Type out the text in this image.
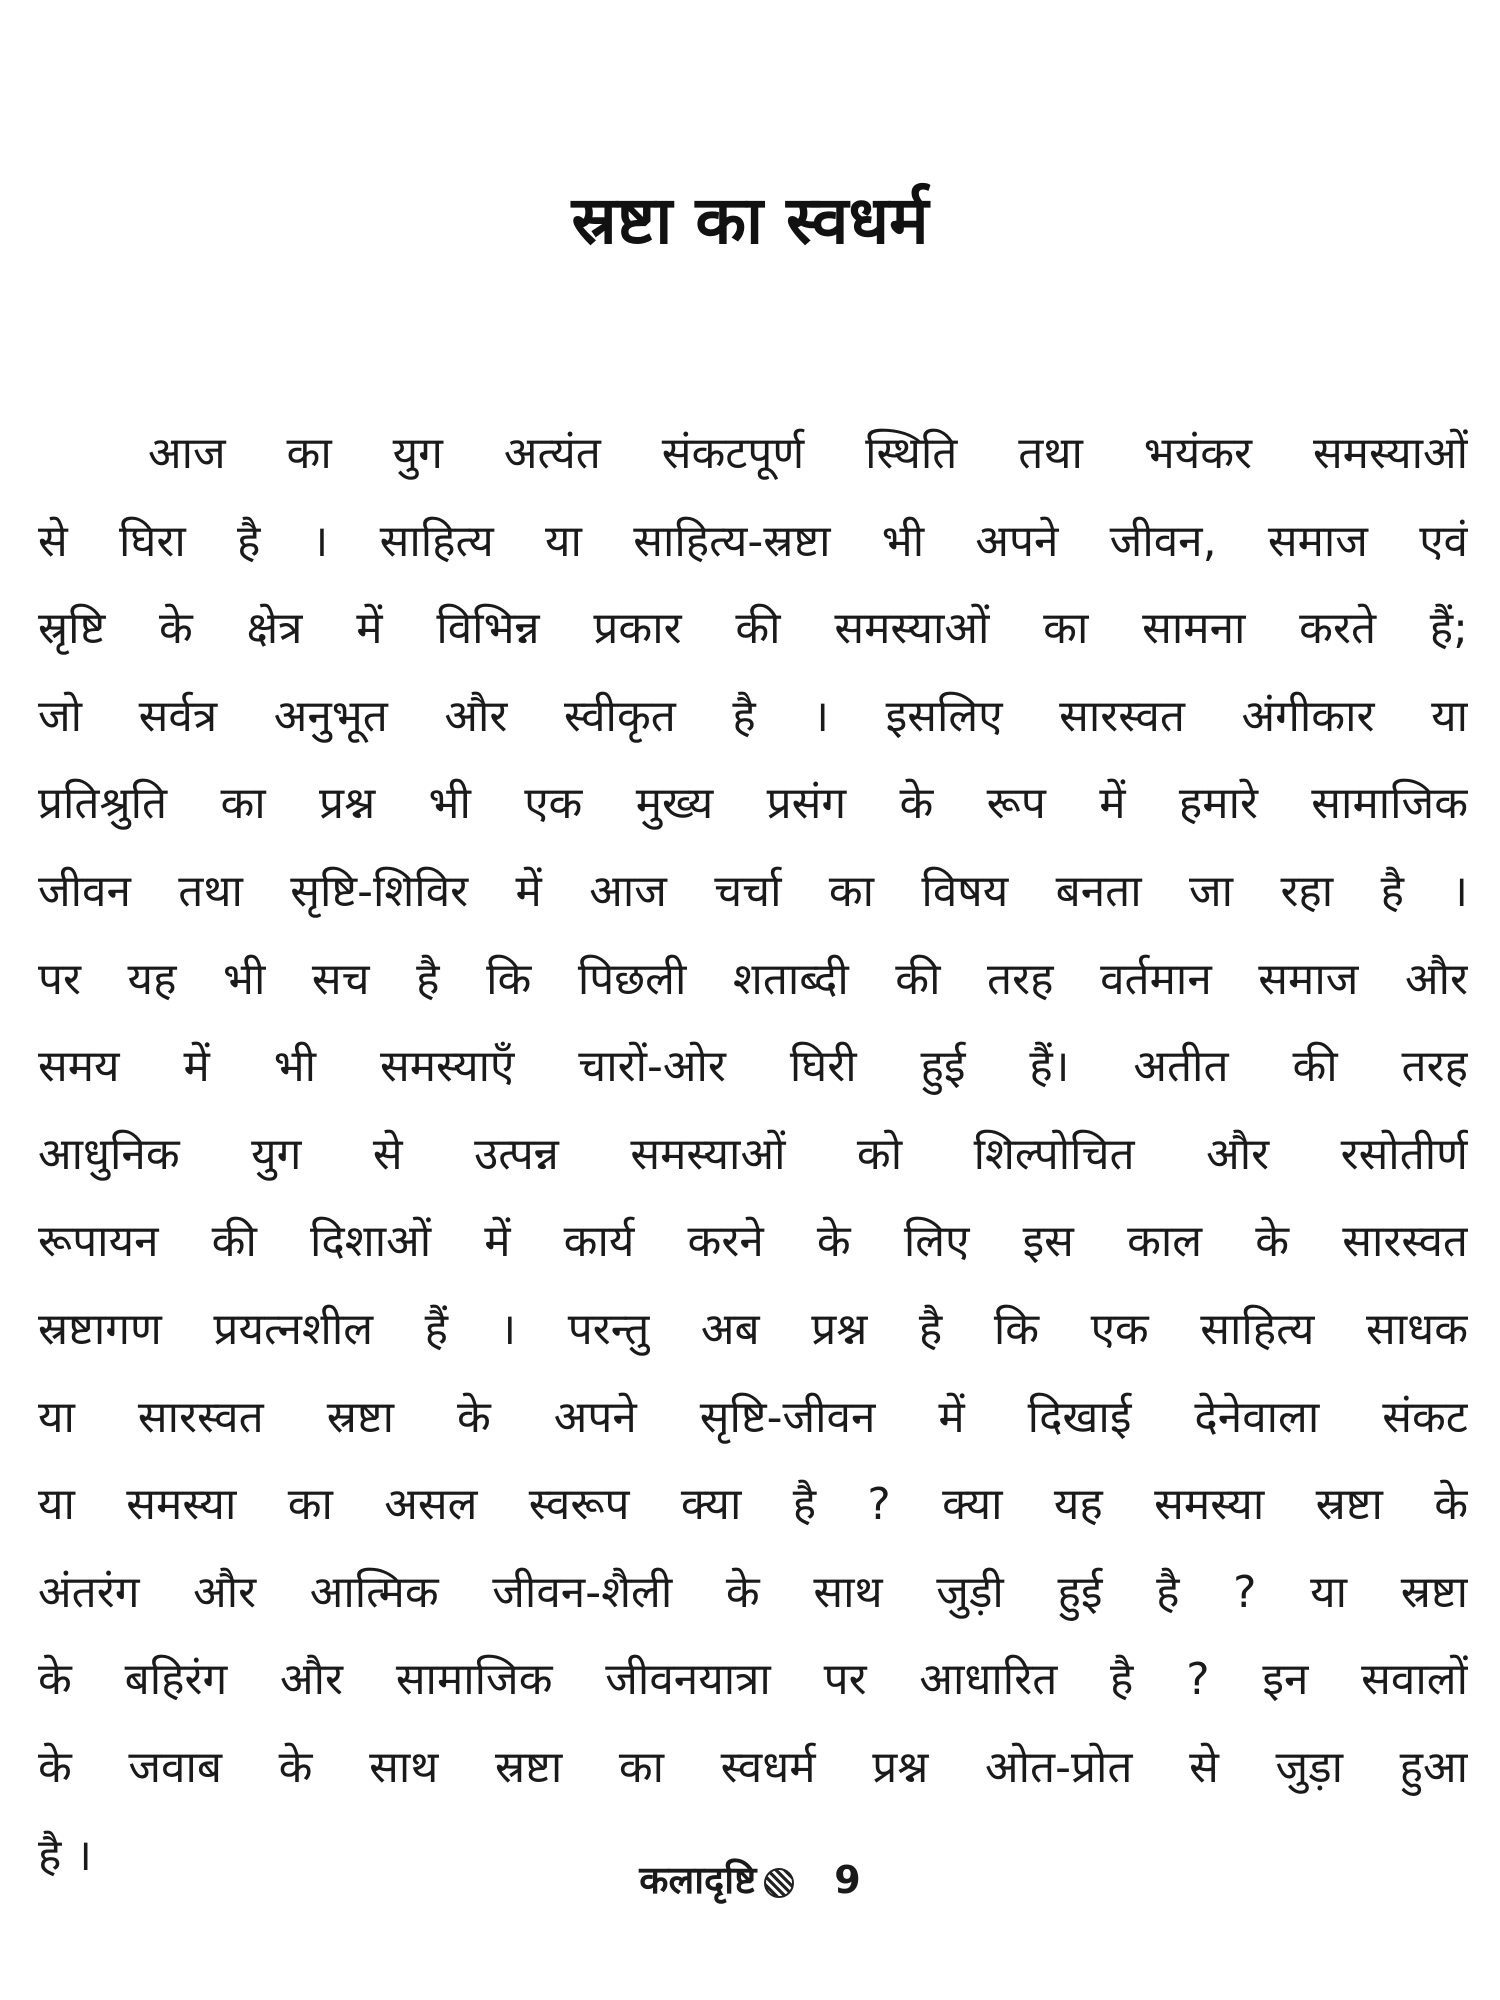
स्रष्टा का स्वधर्म
आज का युग अत्यंत संकटपूर्ण स्थिति तथा भयंकर समस्याओं
से घिरा है । साहित्य या साहित्य-स्रष्टा भी अपने जीवन, समाज एवं
स्रृष्टि के क्षेत्र में विभिन्न प्रकार की समस्याओं का सामना करते हैं;
जो सर्वत्र अनुभूत और स्वीकृत है । इसलिए सारस्वत अंगीकार या
प्रतिश्रुति का प्रश्न भी एक मुख्य प्रसंग के रूप में हमारे सामाजिक
जीवन तथा सृष्टि-शिविर में आज चर्चा का विषय बनता जा रहा है ।
पर यह भी सच है कि पिछली शताब्दी की तरह वर्तमान समाज और
समय में भी समस्याएँ चारों-ओर घिरी हुई हैं। अतीत की तरह
आधुनिक युग से उत्पन्न समस्याओं को शिल्पोचित और रसोतीर्ण
रूपायन की दिशाओं में कार्य करने के लिए इस काल के सारस्वत
स्रष्टागण प्रयत्नशील हैं । परन्तु अब प्रश्न है कि एक साहित्य साधक
या सारस्वत स्रष्टा के अपने सृष्टि-जीवन में दिखाई देनेवाला संकट
या समस्या का असल स्वरूप क्या है ? क्या यह समस्या स्रष्टा के
अंतरंग और आत्मिक जीवन-शैली के साथ जुड़ी हुई है ? या स्रष्टा
के बहिरंग और सामाजिक जीवनयात्रा पर आधारित है ? इन सवालों
के जवाब के साथ स्रष्टा का स्वधर्म प्रश्न ओत-प्रोत से जुड़ा हुआ
है ।	कलादृष्टि 9
